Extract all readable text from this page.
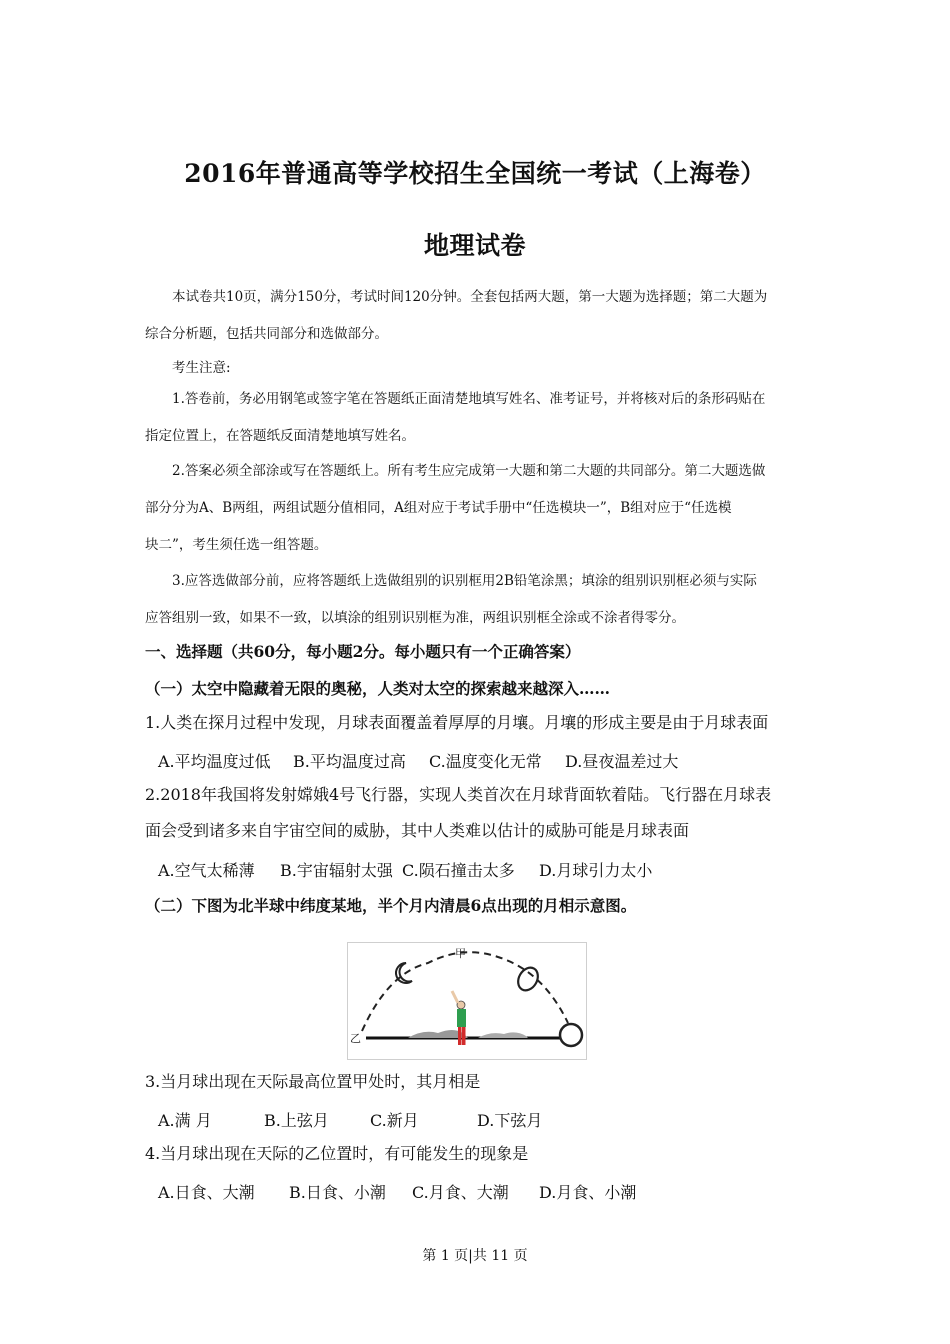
2016年普通高等学校招生全国统一考试（上海卷）
地理试卷
本试卷共10页，满分150分，考试时间120分钟。全套包括两大题，第一大题为选择题；第二大题为
综合分析题，包括共同部分和选做部分。
考生注意:
1.答卷前，务必用钢笔或签字笔在答题纸正面清楚地填写姓名、准考证号，并将核对后的条形码贴在
指定位置上，在答题纸反面清楚地填写姓名。
2.答案必须全部涂或写在答题纸上。所有考生应完成第一大题和第二大题的共同部分。第二大题选做
部分分为A、B两组，两组试题分值相同，A组对应于考试手册中“任选模块一”，B组对应于“任选模
块二”，考生须任选一组答题。
3.应答选做部分前，应将答题纸上选做组别的识别框用2B铅笔涂黑；填涂的组别识别框必须与实际
应答组别一致，如果不一致，以填涂的组别识别框为准，两组识别框全涂或不涂者得零分。
一、选择题（共60分，每小题2分。每小题只有一个正确答案）
（一）太空中隐藏着无限的奥秘，人类对太空的探索越来越深入……
1.人类在探月过程中发现，月球表面覆盖着厚厚的月壤。月壤的形成主要是由于月球表面
A.平均温度过低 B.平均温度过高 C.温度变化无常 D.昼夜温差过大
2.2018年我国将发射嫦娥4号飞行器，实现人类首次在月球背面软着陆。飞行器在月球表
面会受到诸多来自宇宙空间的威胁，其中人类难以估计的威胁可能是月球表面
A.空气太稀薄 B.宇宙辐射太强 C.陨石撞击太多 D.月球引力太小
（二）下图为北半球中纬度某地，半个月内清晨6点出现的月相示意图。
甲
乙
3.当月球出现在天际最高位置甲处时，其月相是
A.满 月	B.上弦月	C.新月	D.下弦月
4.当月球出现在天际的乙位置时，有可能发生的现象是
A.日食、大潮 B.日食、小潮 C.月食、大潮 D.月食、小潮
第 1 页|共 11 页
